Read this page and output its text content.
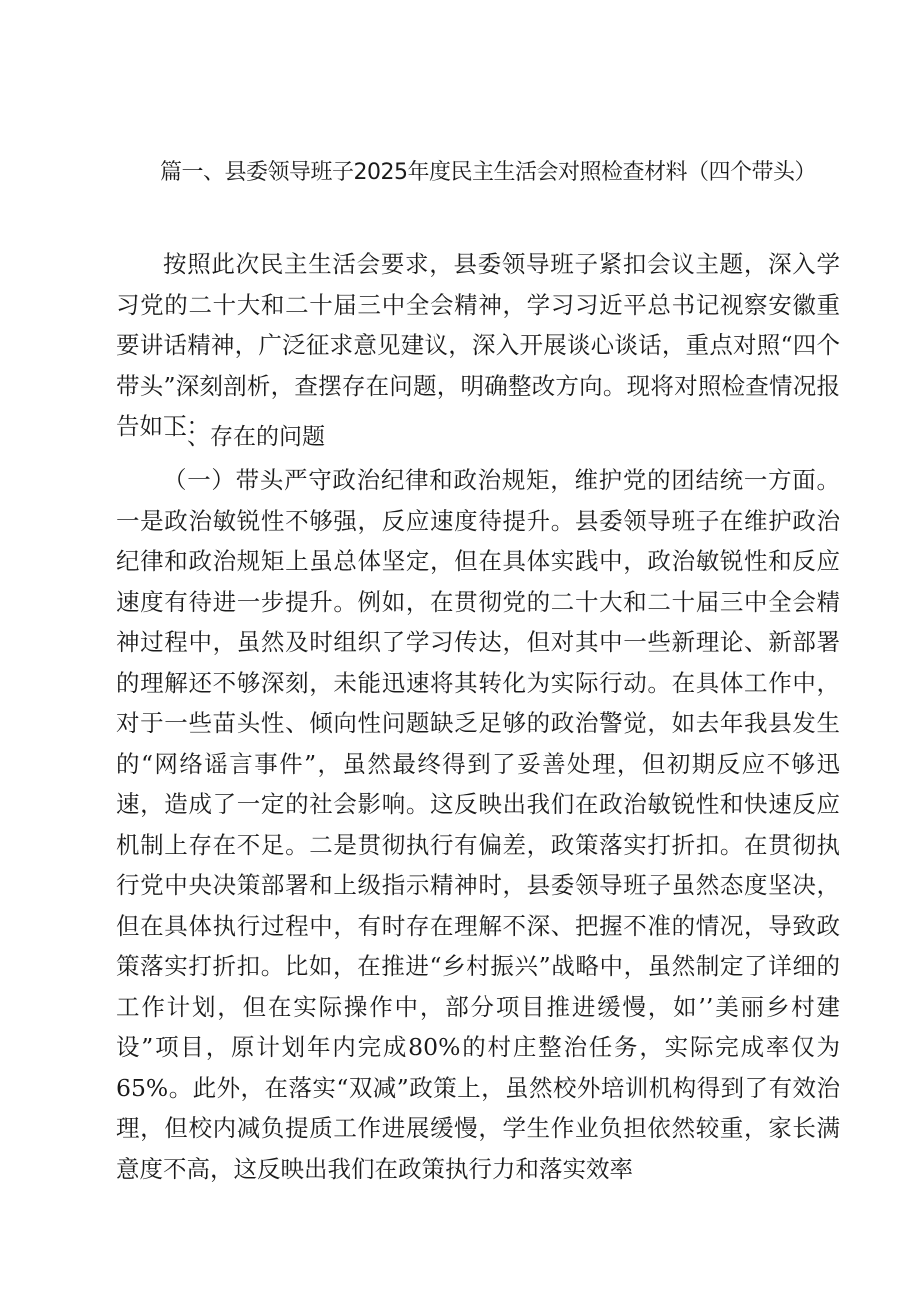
篇一、县委领导班子2025年度民主生活会对照检查材料（四个带头）

按照此次民主生活会要求，县委领导班子紧扣会议主题，深入学习党的二十大和二十届三中全会精神，学习习近平总书记视察安徽重要讲话精神，广泛征求意见建议，深入开展谈心谈话，重点对照“四个带头”深刻剖析，查摆存在问题，明确整改方向。现将对照检查情况报告如下：

一、存在的问题

（一）带头严守政治纪律和政治规矩，维护党的团结统一方面。一是政治敏锐性不够强，反应速度待提升。县委领导班子在维护政治纪律和政治规矩上虽总体坚定，但在具体实践中，政治敏锐性和反应速度有待进一步提升。例如，在贯彻党的二十大和二十届三中全会精神过程中，虽然及时组织了学习传达，但对其中一些新理论、新部署的理解还不够深刻，未能迅速将其转化为实际行动。在具体工作中，对于一些苗头性、倾向性问题缺乏足够的政治警觉，如去年我县发生的“网络谣言事件”，虽然最终得到了妥善处理，但初期反应不够迅速，造成了一定的社会影响。这反映出我们在政治敏锐性和快速反应机制上存在不足。二是贯彻执行有偏差，政策落实打折扣。在贯彻执行党中央决策部署和上级指示精神时，县委领导班子虽然态度坚决，但在具体执行过程中，有时存在理解不深、把握不准的情况，导致政策落实打折扣。比如，在推进“乡村振兴”战略中，虽然制定了详细的工作计划，但在实际操作中，部分项目推进缓慢，如’’美丽乡村建设”项目，原计划年内完成80%的村庄整治任务，实际完成率仅为65%。此外，在落实“双减”政策上，虽然校外培训机构得到了有效治理，但校内减负提质工作进展缓慢，学生作业负担依然较重，家长满意度不高，这反映出我们在政策执行力和落实效率
